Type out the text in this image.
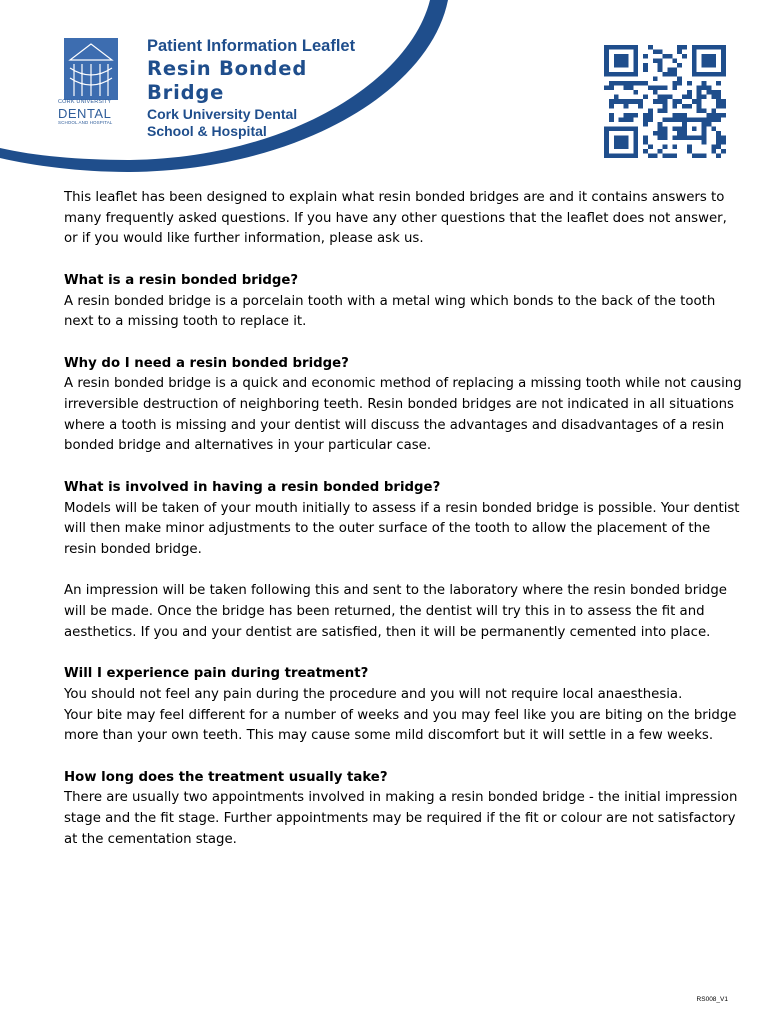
CORK UNIVERSITY
DENTAL
SCHOOL AND HOSPITAL
Patient Information Leaflet
Resin Bonded
Bridge
Cork University Dental
School & Hospital

This leaflet has been designed to explain what resin bonded bridges are and it contains answers to many frequently asked questions. If you have any other questions that the leaflet does not answer, or if you would like further information, please ask us.

What is a resin bonded bridge?

A resin bonded bridge is a porcelain tooth with a metal wing which bonds to the back of the tooth next to a missing tooth to replace it.

Why do I need a resin bonded bridge?

A resin bonded bridge is a quick and economic method of replacing a missing tooth while not causing irreversible destruction of neighboring teeth. Resin bonded bridges are not indicated in all situations where a tooth is missing and your dentist will discuss the advantages and disadvantages of a resin bonded bridge and alternatives in your particular case.

What is involved in having a resin bonded bridge?

Models will be taken of your mouth initially to assess if a resin bonded bridge is possible. Your dentist will then make minor adjustments to the outer surface of the tooth to allow the placement of the resin bonded bridge.

An impression will be taken following this and sent to the laboratory where the resin bonded bridge will be made. Once the bridge has been returned, the dentist will try this in to assess the fit and aesthetics. If you and your dentist are satisfied, then it will be permanently cemented into place.

Will I experience pain during treatment?

You should not feel any pain during the procedure and you will not require local anaesthesia.

Your bite may feel different for a number of weeks and you may feel like you are biting on the bridge more than your own teeth. This may cause some mild discomfort but it will settle in a few weeks.

How long does the treatment usually take?

There are usually two appointments involved in making a resin bonded bridge - the initial impression stage and the fit stage. Further appointments may be required if the fit or colour are not satisfactory at the cementation stage.

RS008_V1
